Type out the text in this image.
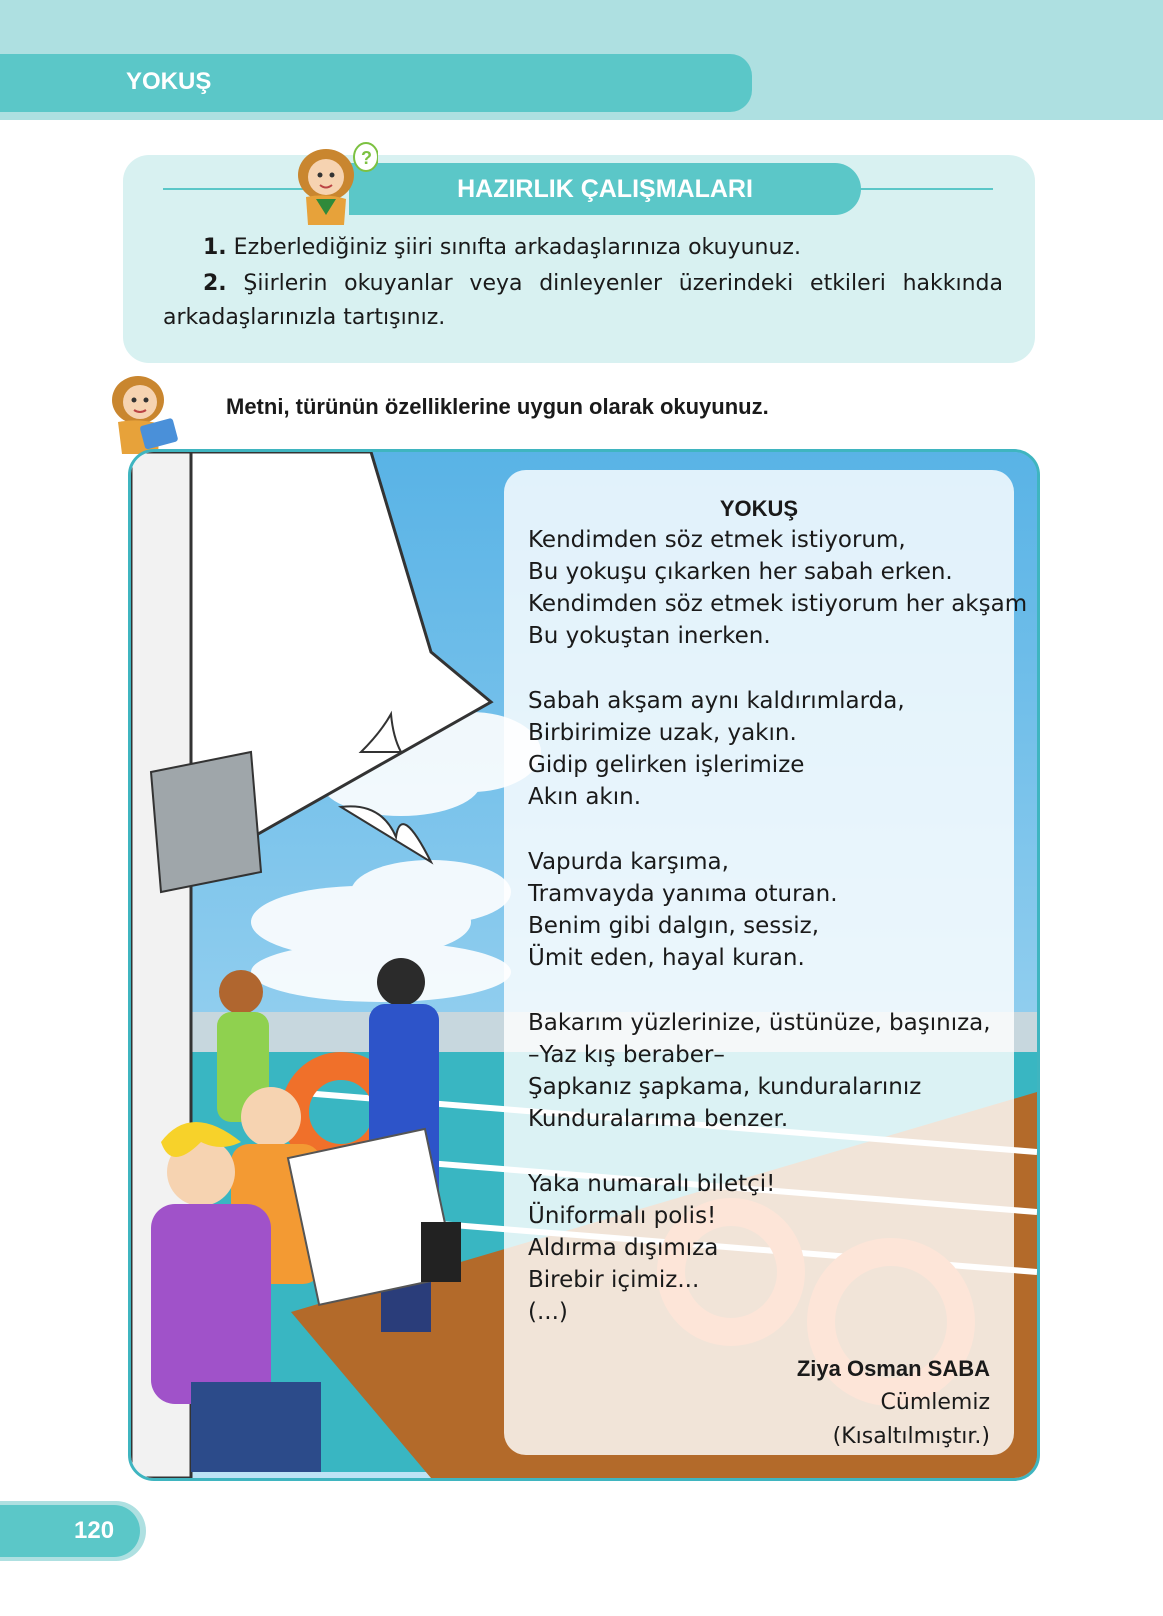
YOKUŞ
HAZIRLIK ÇALIŞMALARI
?
1. Ezberlediğiniz şiiri sınıfta arkadaşlarınıza okuyunuz.
2. Şiirlerin okuyanlar veya dinleyenler üzerindeki etkileri hakkında arkadaşlarınızla tartışınız.
Metni, türünün özelliklerine uygun olarak okuyunuz.
YOKUŞ
Kendimden söz etmek istiyorum,
Bu yokuşu çıkarken her sabah erken.
Kendimden söz etmek istiyorum her akşam
Bu yokuştan inerken.
Sabah akşam aynı kaldırımlarda,
Birbirimize uzak, yakın.
Gidip gelirken işlerimize
Akın akın.
Vapurda karşıma,
Tramvayda yanıma oturan.
Benim gibi dalgın, sessiz,
Ümit eden, hayal kuran.
Bakarım yüzlerinize, üstünüze, başınıza,
–Yaz kış beraber–
Şapkanız şapkama, kunduralarınız
Kunduralarıma benzer.
Yaka numaralı biletçi!
Üniformalı polis!
Aldırma dışımıza
Birebir içimiz...
(...)
Ziya Osman SABA
Cümlemiz
(Kısaltılmıştır.)
120
